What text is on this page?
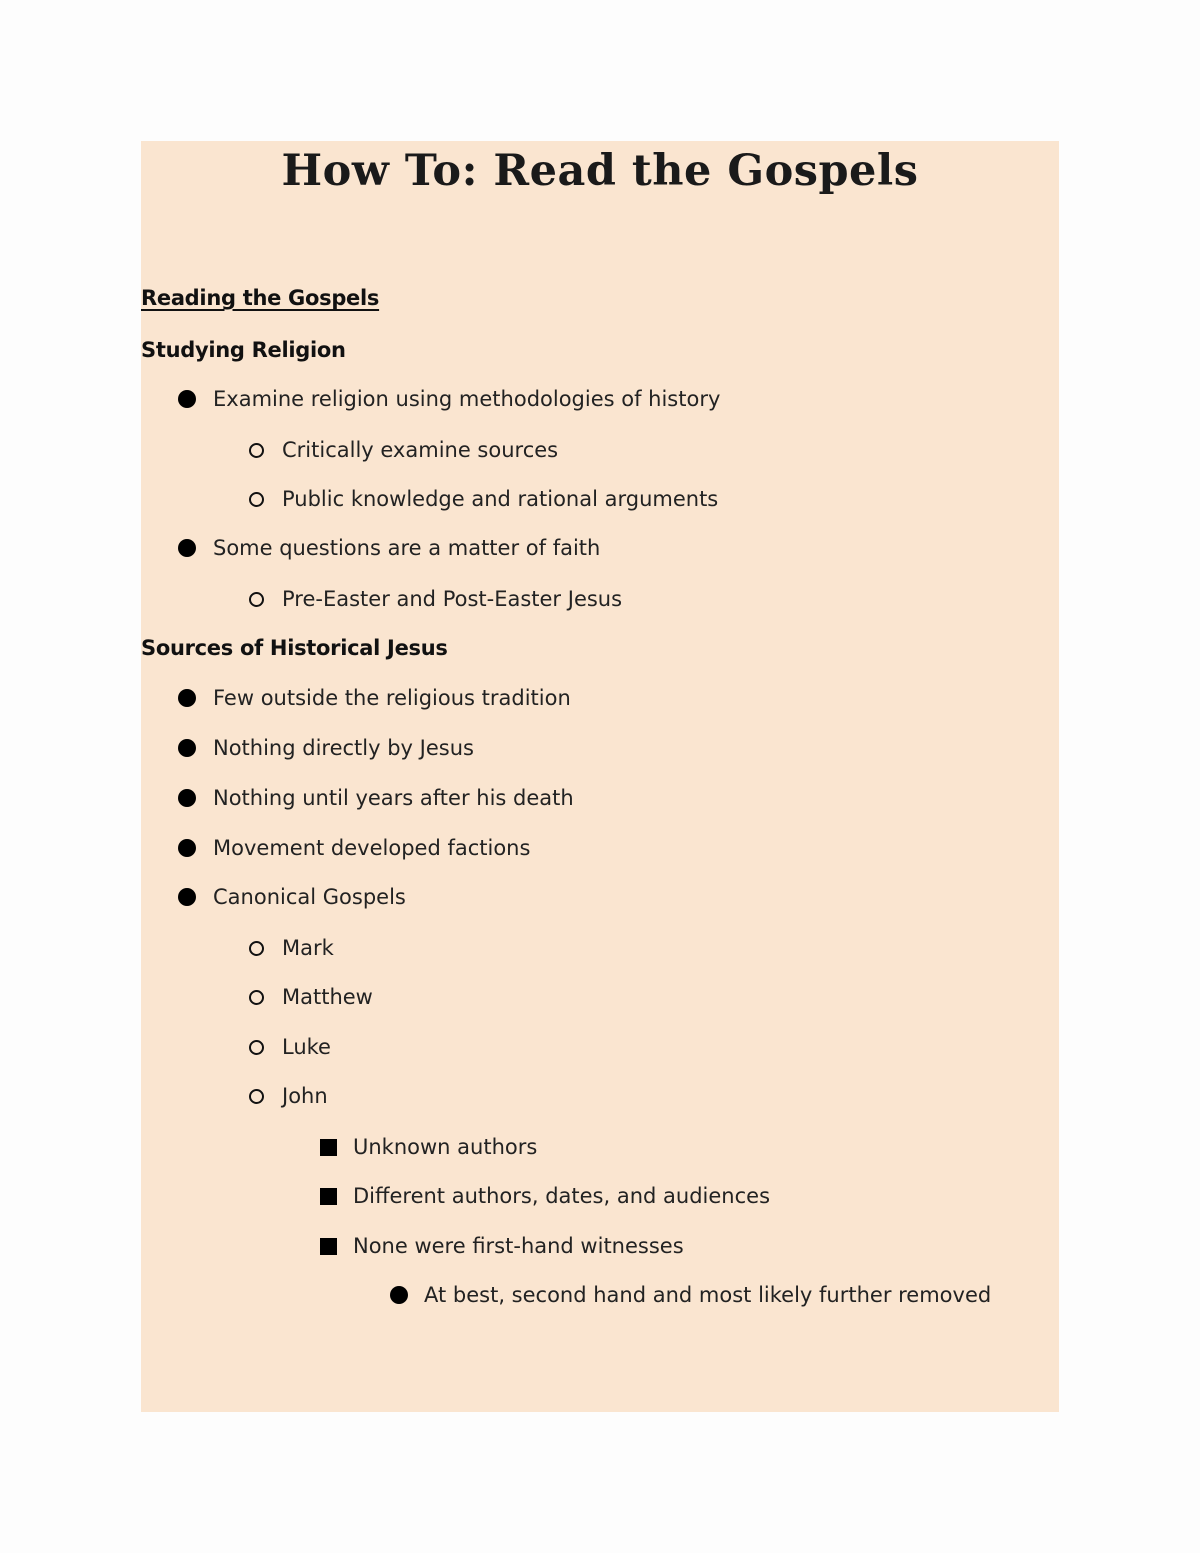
How To: Read the Gospels
Reading the Gospels
Studying Religion
Examine religion using methodologies of history
Critically examine sources
Public knowledge and rational arguments
Some questions are a matter of faith
Pre-Easter and Post-Easter Jesus
Sources of Historical Jesus
Few outside the religious tradition
Nothing directly by Jesus
Nothing until years after his death
Movement developed factions
Canonical Gospels
Mark
Matthew
Luke
John
Unknown authors
Different authors, dates, and audiences
None were first-hand witnesses
At best, second hand and most likely further removed
